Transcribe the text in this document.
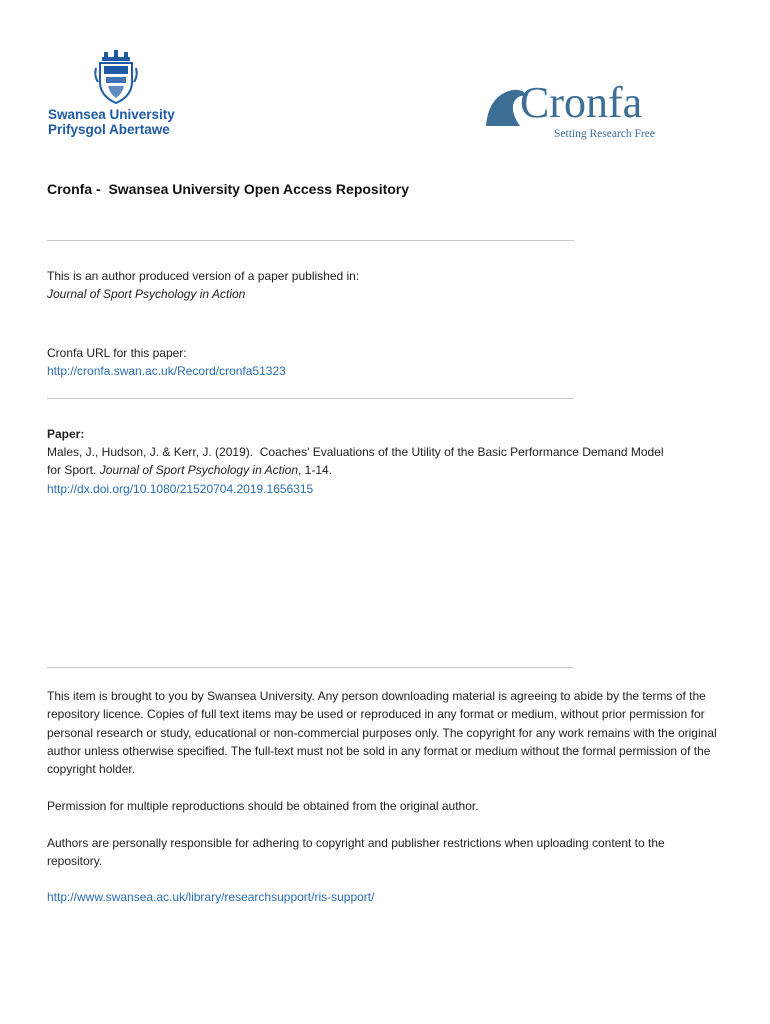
Swansea University
Prifysgol Abertawe
Cronfa
Setting Research Free
Cronfa -  Swansea University Open Access Repository
This is an author produced version of a paper published in:
Journal of Sport Psychology in Action
Cronfa URL for this paper:
http://cronfa.swan.ac.uk/Record/cronfa51323
Paper:
Males, J., Hudson, J. & Kerr, J. (2019).  Coaches' Evaluations of the Utility of the Basic Performance Demand Model
for Sport. Journal of Sport Psychology in Action, 1-14.
http://dx.doi.org/10.1080/21520704.2019.1656315
This item is brought to you by Swansea University. Any person downloading material is agreeing to abide by the terms of the repository licence. Copies of full text items may be used or reproduced in any format or medium, without prior permission for personal research or study, educational or non-commercial purposes only. The copyright for any work remains with the original author unless otherwise specified. The full-text must not be sold in any format or medium without the formal permission of the copyright holder.
Permission for multiple reproductions should be obtained from the original author.
Authors are personally responsible for adhering to copyright and publisher restrictions when uploading content to the repository.
http://www.swansea.ac.uk/library/researchsupport/ris-support/
